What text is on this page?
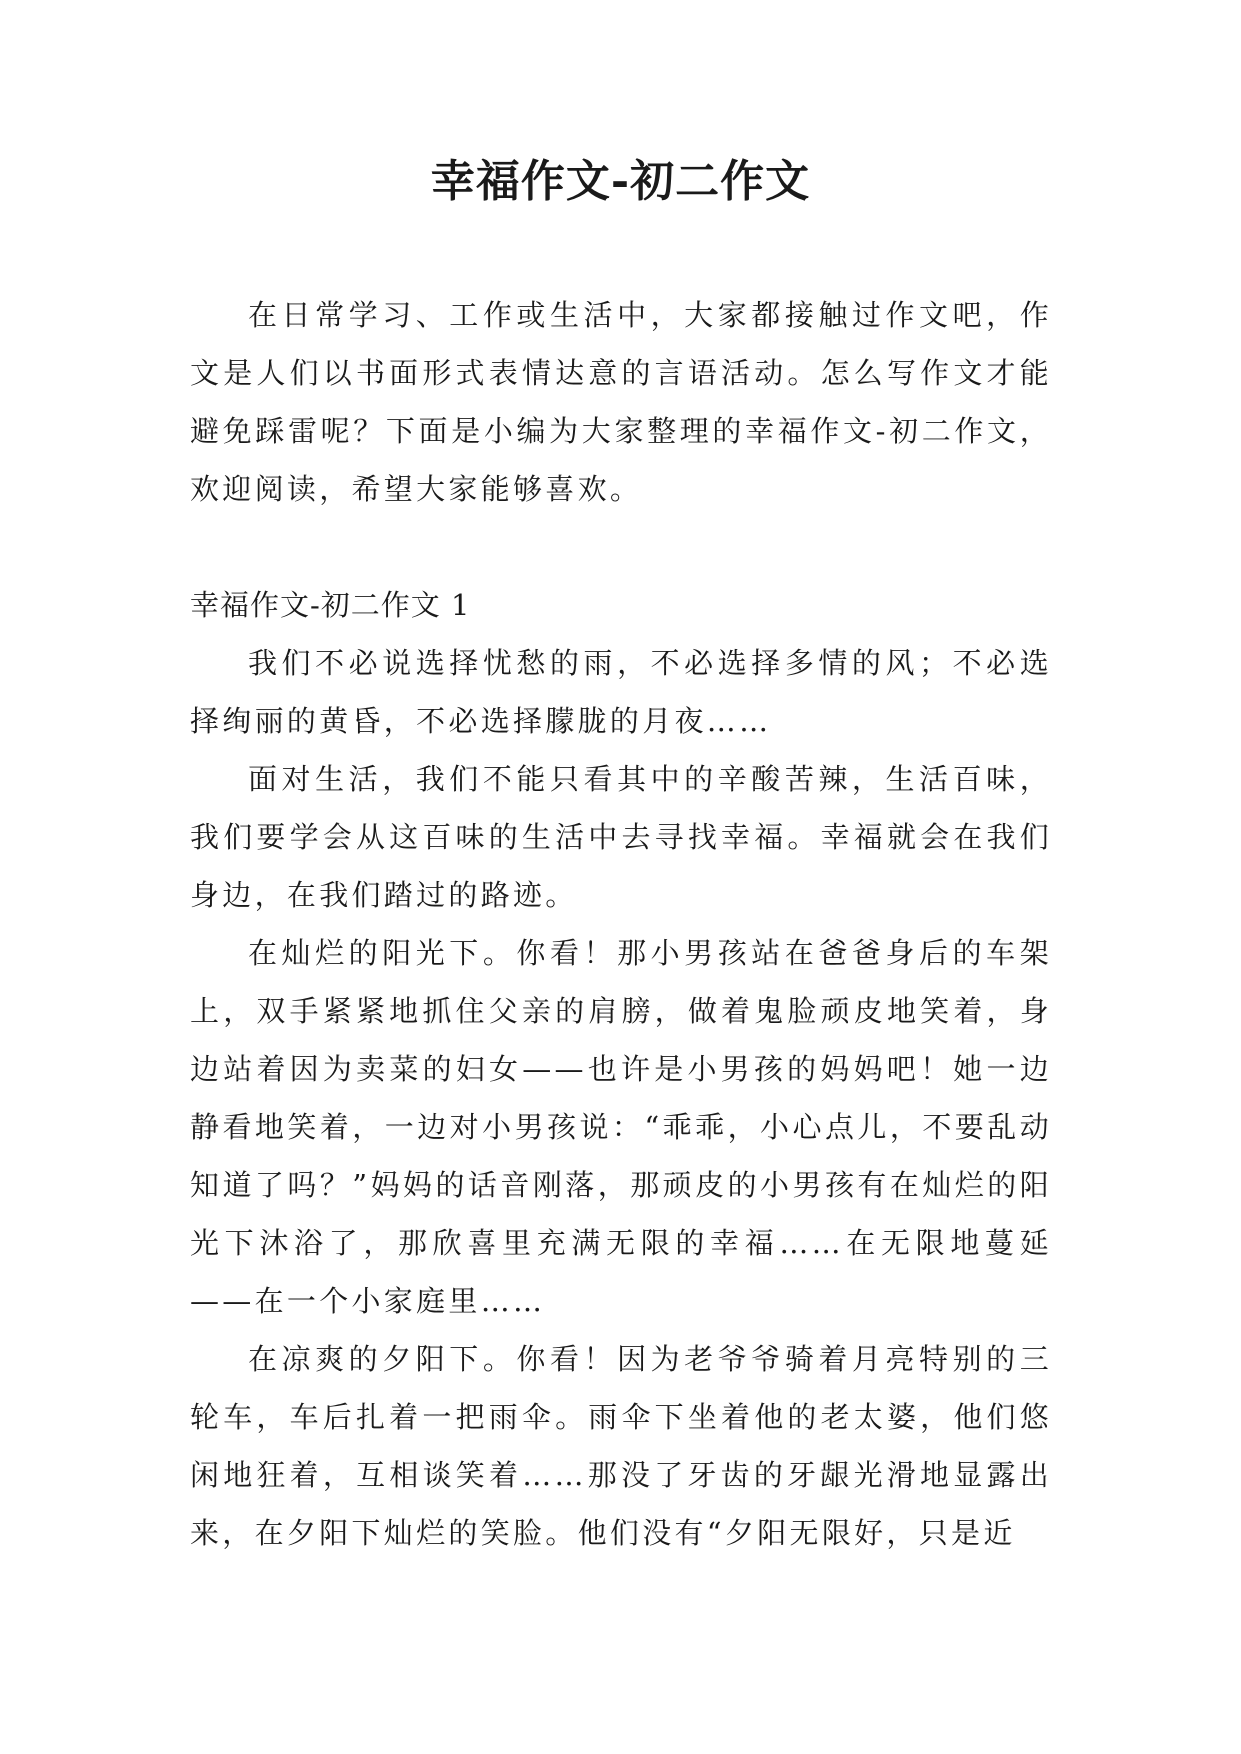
幸福作文-初二作文

在日常学习、工作或生活中，大家都接触过作文吧，作文是人们以书面形式表情达意的言语活动。怎么写作文才能避免踩雷呢？下面是小编为大家整理的幸福作文-初二作文，欢迎阅读，希望大家能够喜欢。

幸福作文-初二作文 1

我们不必说选择忧愁的雨，不必选择多情的风；不必选择绚丽的黄昏，不必选择朦胧的月夜……

面对生活，我们不能只看其中的辛酸苦辣，生活百味，我们要学会从这百味的生活中去寻找幸福。幸福就会在我们身边，在我们踏过的路迹。

在灿烂的阳光下。你看！那小男孩站在爸爸身后的车架上，双手紧紧地抓住父亲的肩膀，做着鬼脸顽皮地笑着，身边站着因为卖菜的妇女——也许是小男孩的妈妈吧！她一边静看地笑着，一边对小男孩说：“乖乖，小心点儿，不要乱动知道了吗？”妈妈的话音刚落，那顽皮的小男孩有在灿烂的阳光下沐浴了，那欣喜里充满无限的幸福……在无限地蔓延——在一个小家庭里……

在凉爽的夕阳下。你看！因为老爷爷骑着月亮特别的三轮车，车后扎着一把雨伞。雨伞下坐着他的老太婆，他们悠闲地狂着，互相谈笑着……那没了牙齿的牙龈光滑地显露出来，在夕阳下灿烂的笑脸。他们没有“夕阳无限好，只是近
